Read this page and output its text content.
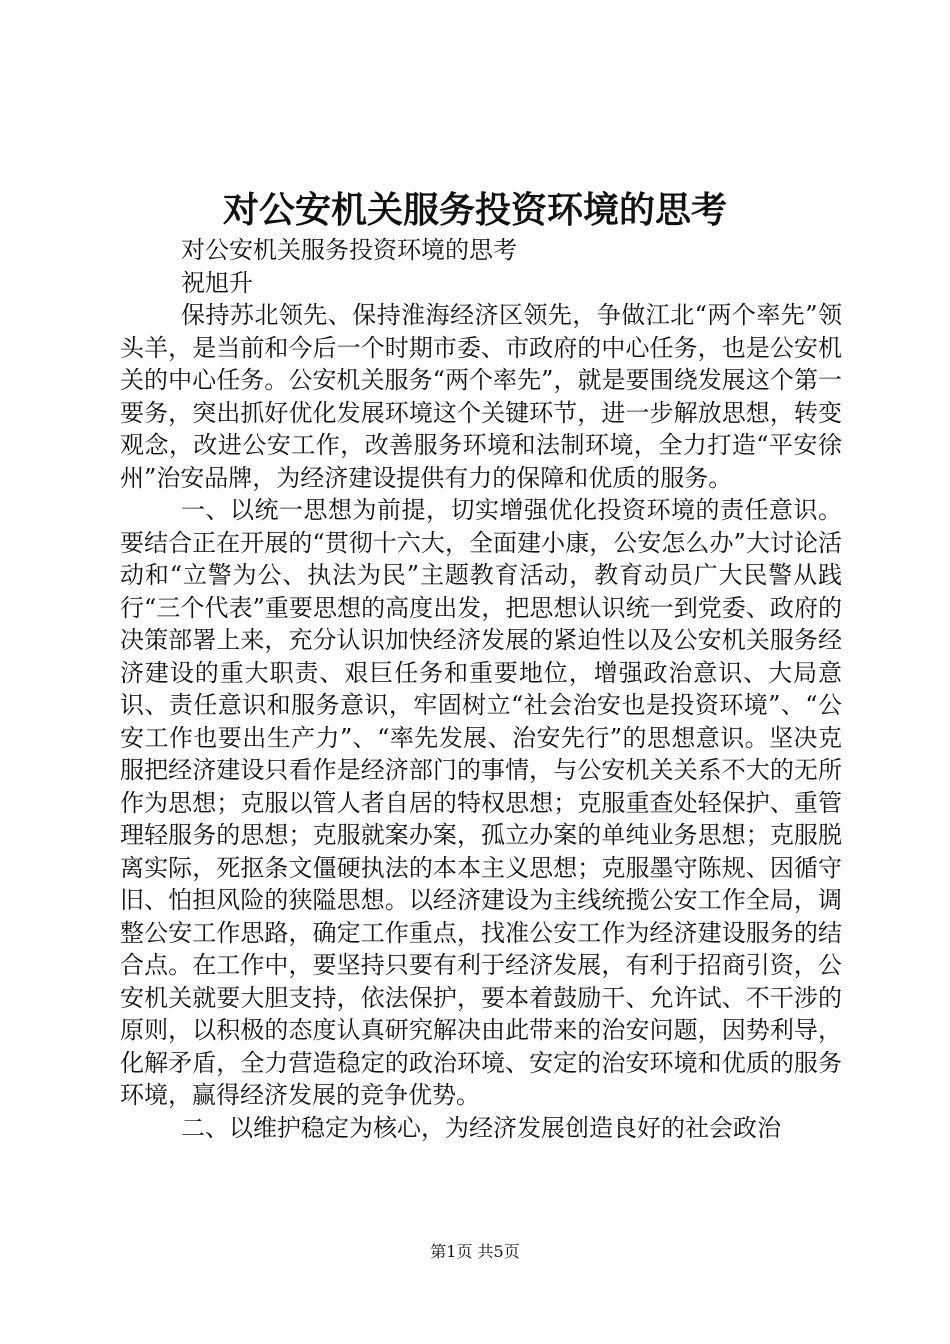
对公安机关服务投资环境的思考
对公安机关服务投资环境的思考
祝旭升

保持苏北领先、保持淮海经济区领先，争做江北“两个率先”领头羊，是当前和今后一个时期市委、市政府的中心任务，也是公安机关的中心任务。公安机关服务“两个率先”，就是要围绕发展这个第一要务，突出抓好优化发展环境这个关键环节，进一步解放思想，转变观念，改进公安工作，改善服务环境和法制环境，全力打造“平安徐州”治安品牌，为经济建设提供有力的保障和优质的服务。

一、以统一思想为前提，切实增强优化投资环境的责任意识。要结合正在开展的“贯彻十六大，全面建小康，公安怎么办”大讨论活动和“立警为公、执法为民”主题教育活动，教育动员广大民警从践行“三个代表”重要思想的高度出发，把思想认识统一到党委、政府的决策部署上来，充分认识加快经济发展的紧迫性以及公安机关服务经济建设的重大职责、艰巨任务和重要地位，增强政治意识、大局意识、责任意识和服务意识，牢固树立“社会治安也是投资环境”、“公安工作也要出生产力”、“率先发展、治安先行”的思想意识。坚决克服把经济建设只看作是经济部门的事情，与公安机关关系不大的无所作为思想；克服以管人者自居的特权思想；克服重查处轻保护、重管理轻服务的思想；克服就案办案，孤立办案的单纯业务思想；克服脱离实际，死抠条文僵硬执法的本本主义思想；克服墨守陈规、因循守旧、怕担风险的狭隘思想。以经济建设为主线统揽公安工作全局，调整公安工作思路，确定工作重点，找准公安工作为经济建设服务的结合点。在工作中，要坚持只要有利于经济发展，有利于招商引资，公安机关就要大胆支持，依法保护，要本着鼓励干、允许试、不干涉的原则，以积极的态度认真研究解决由此带来的治安问题，因势利导，化解矛盾，全力营造稳定的政治环境、安定的治安环境和优质的服务环境，赢得经济发展的竞争优势。

二、以维护稳定为核心，为经济发展创造良好的社会政治

第1页 共5页
